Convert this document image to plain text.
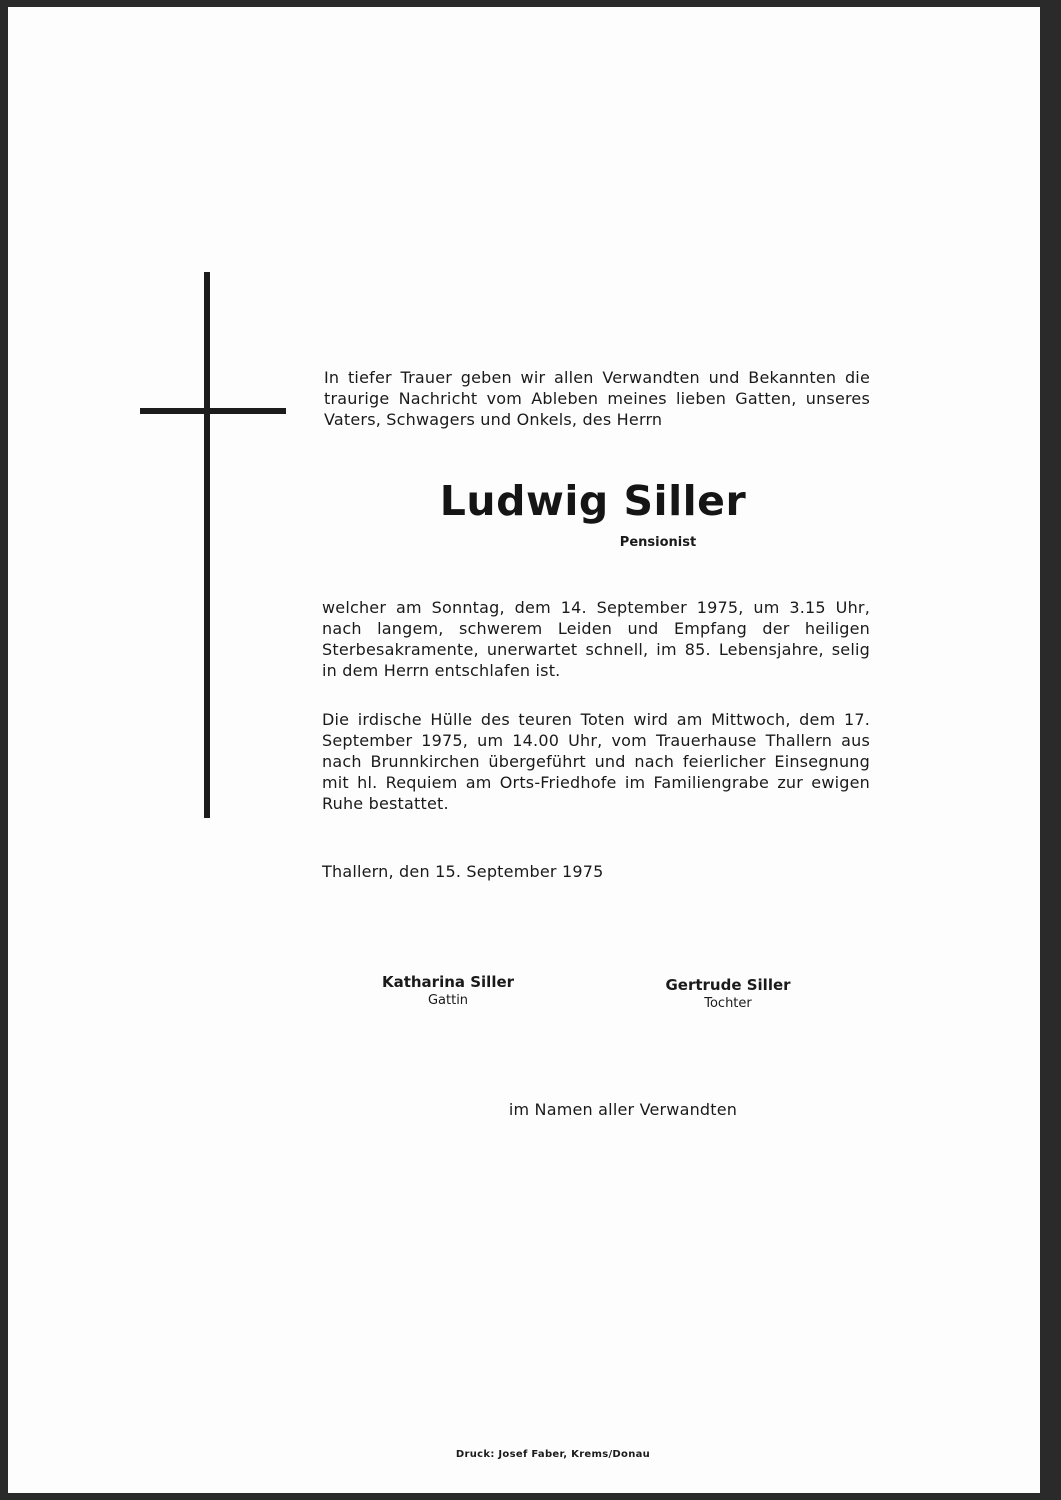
In tiefer Trauer geben wir allen Verwandten und Bekannten die traurige Nachricht vom Ableben meines lieben Gatten, unseres Vaters, Schwagers und Onkels, des Herrn

Ludwig Siller
Pensionist

welcher am Sonntag, dem 14. September 1975, um 3.15 Uhr, nach langem, schwerem Leiden und Empfang der heiligen Sterbesakramente, unerwartet schnell, im 85. Lebensjahre, selig in dem Herrn entschlafen ist.

Die irdische Hülle des teuren Toten wird am Mittwoch, dem 17. September 1975, um 14.00 Uhr, vom Trauerhause Thallern aus nach Brunnkirchen übergeführt und nach feierlicher Einsegnung mit hl. Requiem am Orts-Friedhofe im Familiengrabe zur ewigen Ruhe bestattet.

Thallern, den 15. September 1975
Katharina Siller
Gattin
Gertrude Siller
Tochter
im Namen aller Verwandten
Druck: Josef Faber, Krems/Donau
